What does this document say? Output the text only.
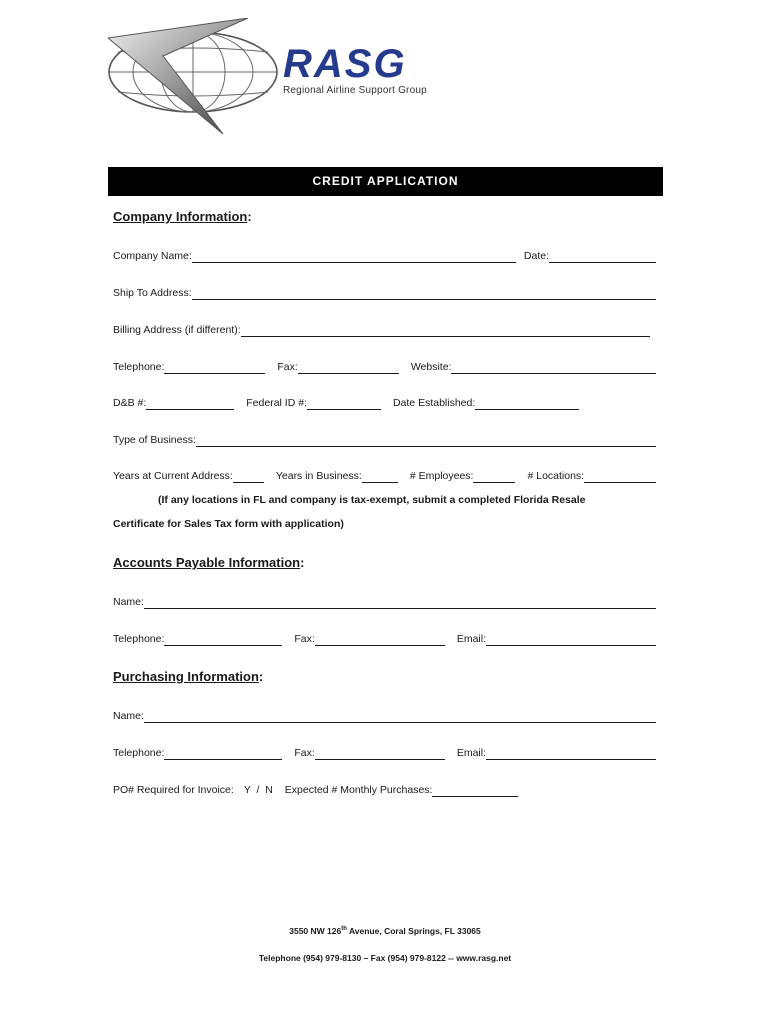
RASG
Regional Airline Support Group
CREDIT APPLICATION
Company Information:
Company Name:	Date:
Ship To Address:
Billing Address (if different):
Telephone:	Fax:	Website:
D&B #:	Federal ID #:	Date Established:
Type of Business:
Years at Current Address:	Years in Business:	# Employees:	# Locations:
(If any locations in FL and company is tax-exempt, submit a completed Florida Resale
Certificate for Sales Tax form with application)
Accounts Payable Information:
Name:
Telephone:	Fax:	Email:
Purchasing Information:
Name:
Telephone:	Fax:	Email:
PO# Required for Invoice: Y  /  N Expected # Monthly Purchases:
3550 NW 126th Avenue, Coral Springs, FL 33065
Telephone (954) 979-8130 – Fax (954) 979-8122 -- www.rasg.net
